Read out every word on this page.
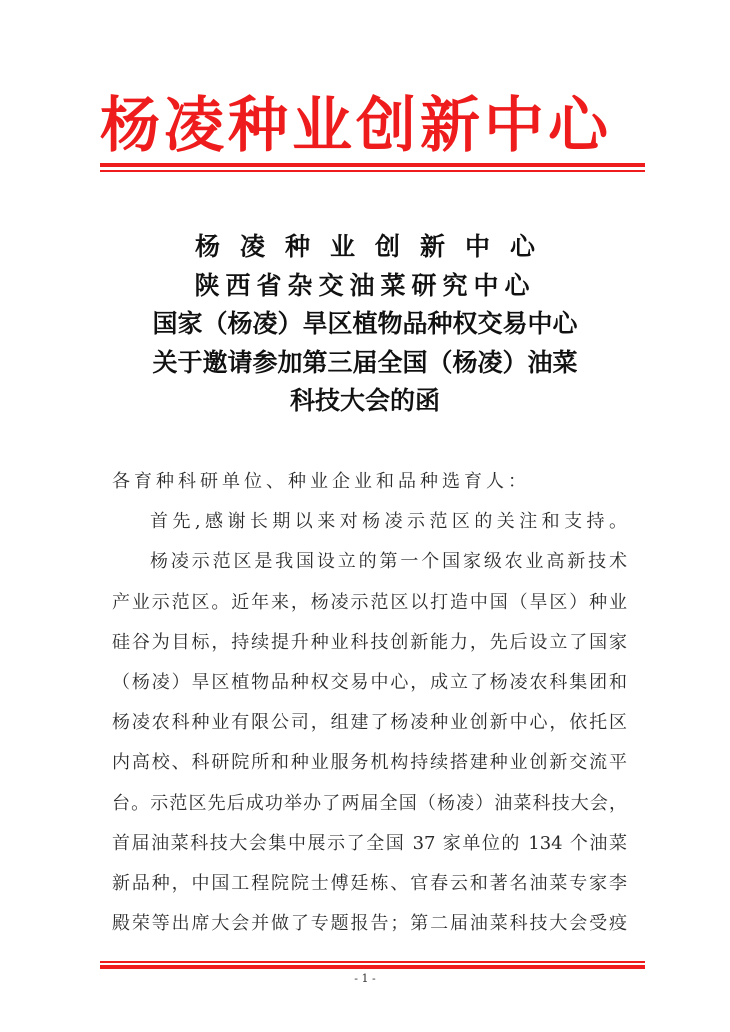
杨凌种业创新中心
杨凌种业创新中心
陕西省杂交油菜研究中心
国家（杨凌）旱区植物品种权交易中心
关于邀请参加第三届全国（杨凌）油菜
科技大会的函

各育种科研单位、种业企业和品种选育人：

首先,感谢长期以来对杨凌示范区的关注和支持。

杨凌示范区是我国设立的第一个国家级农业高新技术

产业示范区。近年来，杨凌示范区以打造中国（旱区）种业

硅谷为目标，持续提升种业科技创新能力，先后设立了国家

（杨凌）旱区植物品种权交易中心，成立了杨凌农科集团和

杨凌农科种业有限公司，组建了杨凌种业创新中心，依托区

内高校、科研院所和种业服务机构持续搭建种业创新交流平

台。示范区先后成功举办了两届全国（杨凌）油菜科技大会，

首届油菜科技大会集中展示了全国 37 家单位的 134 个油菜

新品种，中国工程院院士傅廷栋、官春云和著名油菜专家李

殿荣等出席大会并做了专题报告；第二届油菜科技大会受疫

- 1 -
